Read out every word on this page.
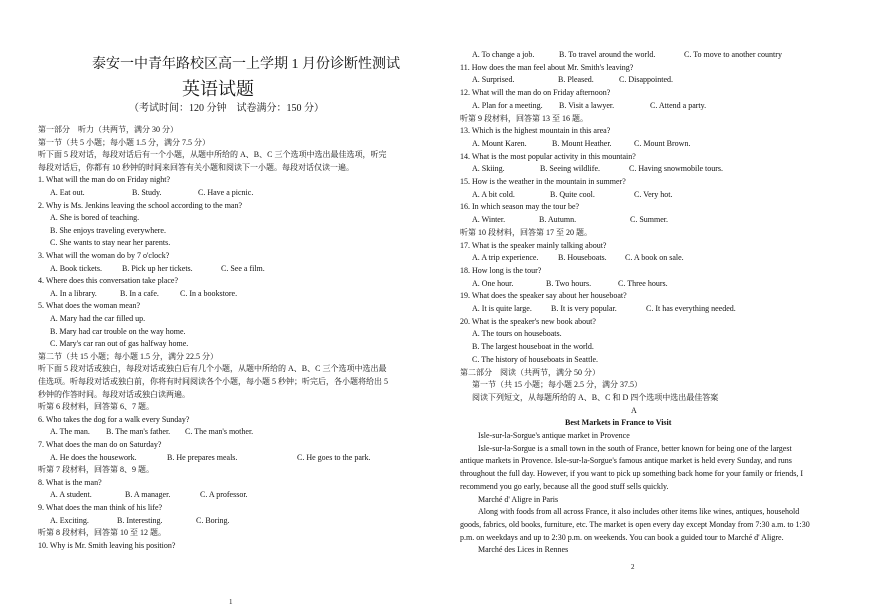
泰安一中青年路校区高一上学期 1 月份诊断性测试
英语试题
（考试时间：120 分钟　试卷满分：150 分）
第一部分　听力（共两节，满分 30 分）
第一节（共 5 小题；每小题 1.5 分，满分 7.5 分）
听下面 5 段对话，每段对话后有一个小题，从题中所给的 A、B、C 三个选项中选出最佳选项，听完
每段对话后，你都有 10 秒钟的时间来回答有关小题和阅读下一小题。每段对话仅读一遍。
1. What will the man do on Friday night?
A. Eat out.	B. Study.	C. Have a picnic.
2. Why is Ms. Jenkins leaving the school according to the man?
A. She is bored of teaching.
B. She enjoys traveling everywhere.
C. She wants to stay near her parents.
3. What will the woman do by 7 o'clock?
A. Book tickets.	B. Pick up her tickets.	C. See a film.
4. Where does this conversation take place?
A. In a library.	B. In a cafe.	C. In a bookstore.
5. What does the woman mean?
A. Mary had the car filled up.
B. Mary had car trouble on the way home.
C. Mary's car ran out of gas halfway home.
第二节（共 15 小题；每小题 1.5 分，满分 22.5 分）
听下面 5 段对话或独白，每段对话或独白后有几个小题，从题中所给的 A、B、C 三个选项中选出最
佳选项。听每段对话或独白前，你将有时间阅读各个小题，每小题 5 秒钟；听完后，各小题将给出 5
秒钟的作答时间。每段对话或独白读两遍。
听第 6 段材料，回答第 6、7 题。
6. Who takes the dog for a walk every Sunday?
A. The man. B. The man's father. C. The man's mother.
7. What does the man do on Saturday?
A. He does the housework.	B. He prepares meals.	C. He goes to the park.
听第 7 段材料，回答第 8、9 题。
8. What is the man?
A. A student.	B. A manager.	C. A professor.
9. What does the man think of his life?
A. Exciting.	B. Interesting.	C. Boring.
听第 8 段材料，回答第 10 至 12 题。
10. Why is Mr. Smith leaving his position?
1
A. To change a job.	B. To travel around the world.	C. To move to another country
11. How does the man feel about Mr. Smith's leaving?
A. Surprised.	B. Pleased.	C. Disappointed.
12. What will the man do on Friday afternoon?
A. Plan for a meeting. B. Visit a lawyer.	C. Attend a party.
听第 9 段材料，回答第 13 至 16 题。
13. Which is the highest mountain in this area?
A. Mount Karen.	B. Mount Heather.	C. Mount Brown.
14. What is the most popular activity in this mountain?
A. Skiing.	B. Seeing wildlife.	C. Having snowmobile tours.
15. How is the weather in the mountain in summer?
A. A bit cold.	B. Quite cool.	C. Very hot.
16. In which season may the tour be?
A. Winter.	B. Autumn.	C. Summer.
听第 10 段材料，回答第 17 至 20 题。
17. What is the speaker mainly talking about?
A. A trip experience. B. Houseboats. C. A book on sale.
18. How long is the tour?
A. One hour.	B. Two hours.	C. Three hours.
19. What does the speaker say about her houseboat?
A. It is quite large. B. It is very popular.	C. It has everything needed.
20. What is the speaker's new book about?
A. The tours on houseboats.
B. The largest houseboat in the world.
C. The history of houseboats in Seattle.
第二部分　阅读（共两节，满分 50 分）
第一节（共 15 小题；每小题 2.5 分，满分 37.5）
阅读下列短文，从每题所给的 A、B、C 和 D 四个选项中选出最佳答案
A
Best Markets in France to Visit
Isle-sur-la-Sorgue's antique market in Provence
Isle-sur-la-Sorgue is a small town in the south of France, better known for being one of the largest
antique markets in Provence. Isle-sur-la-Sorgue's famous antique market is held every Sunday, and runs
throughout the full day. However, if you want to pick up something back home for your family or friends, I
recommend you go early, because all the good stuff sells quickly.
Marché d' Aligre in Paris
Along with foods from all across France, it also includes other items like wines, antiques, household
goods, fabrics, old books, furniture, etc. The market is open every day except Monday from 7:30 a.m. to 1:30
p.m. on weekdays and up to 2:30 p.m. on weekends. You can book a guided tour to Marché d' Aligre.
Marché des Lices in Rennes
2
